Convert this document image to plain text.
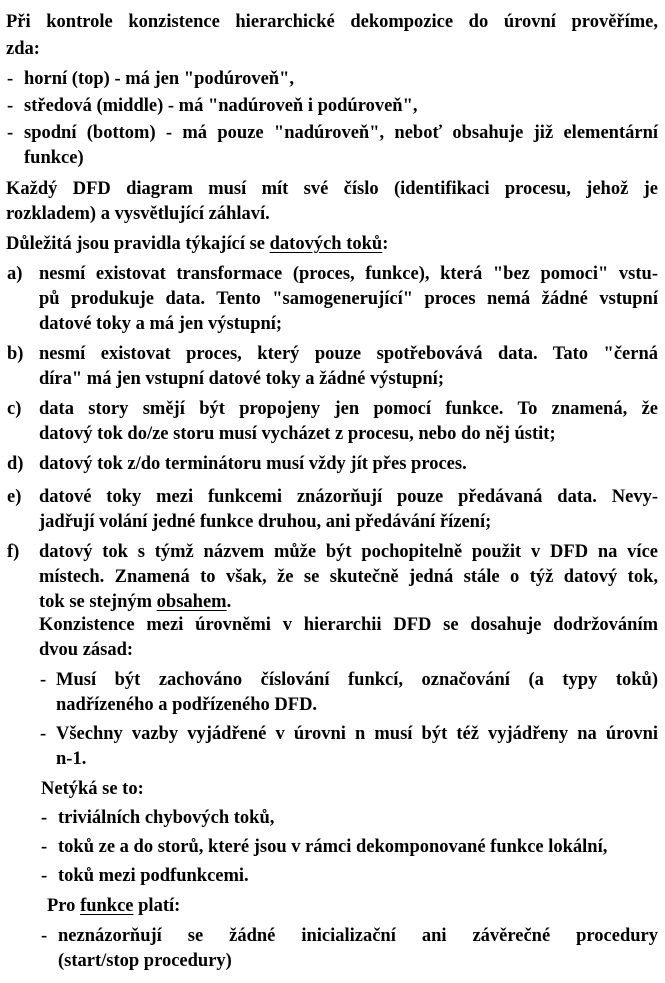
Při kontrole konzistence hierarchické dekompozice do úrovní prověříme,
zda:
- horní (top) - má jen "podúroveň",
- středová (middle) - má "nadúroveň i podúroveň",
- spodní (bottom) - má pouze "nadúroveň", neboť obsahuje již elementární
funkce)
Každý DFD diagram musí mít své číslo (identifikaci procesu, jehož je
rozkladem) a vysvětlující záhlaví.
Důležitá jsou pravidla týkající se datových toků:
a) nesmí existovat transformace (proces, funkce), která "bez pomoci" vstu-
pů produkuje data. Tento "samogenerující" proces nemá žádné vstupní
datové toky a má jen výstupní;
b) nesmí existovat proces, který pouze spotřebovává data. Tato "černá
díra" má jen vstupní datové toky a žádné výstupní;
c) data story smějí být propojeny jen pomocí funkce. To znamená, že
datový tok do/ze storu musí vycházet z procesu, nebo do něj ústit;
d) datový tok z/do terminátoru musí vždy jít přes proces.
e) datové toky mezi funkcemi znázorňují pouze předávaná data. Nevy-
jadřují volání jedné funkce druhou, ani předávání řízení;
f) datový tok s týmž názvem může být pochopitelně použit v DFD na více
místech. Znamená to však, že se skutečně jedná stále o týž datový tok,
tok se stejným obsahem.
Konzistence mezi úrovněmi v hierarchii DFD se dosahuje dodržováním
dvou zásad:
- Musí být zachováno číslování funkcí, označování (a typy toků)
nadřízeného a podřízeného DFD.
- Všechny vazby vyjádřené v úrovni n musí být též vyjádřeny na úrovni
n-1.
Netýká se to:
- triviálních chybových toků,
- toků ze a do storů, které jsou v rámci dekomponované funkce lokální,
- toků mezi podfunkcemi.
Pro funkce platí:
- neznázorňují se žádné inicializační ani závěrečné procedury
(start/stop procedury)
